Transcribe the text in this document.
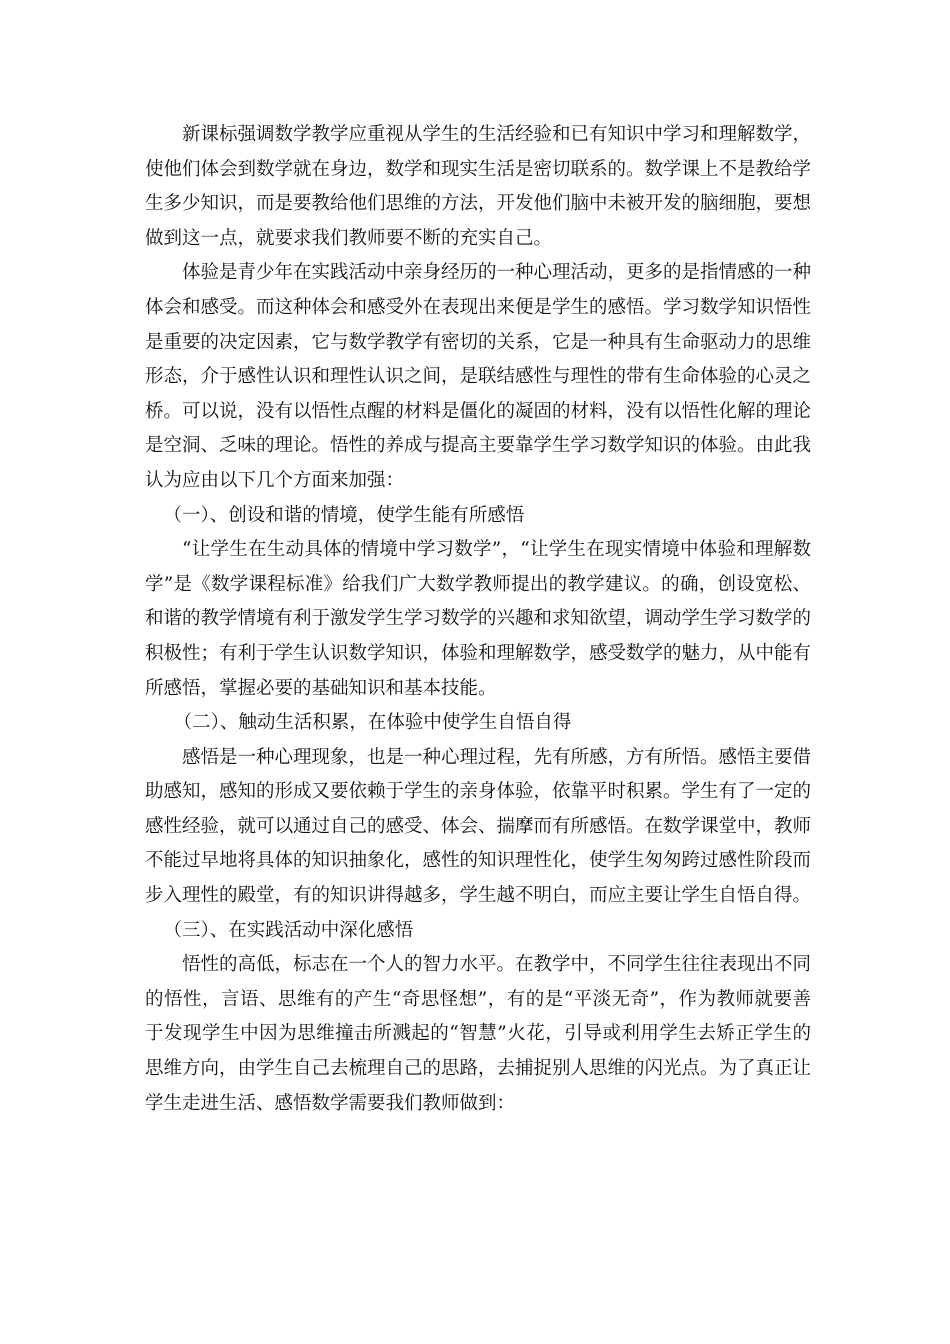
新课标强调数学教学应重视从学生的生活经验和已有知识中学习和理解数学，使他们体会到数学就在身边，数学和现实生活是密切联系的。数学课上不是教给学生多少知识，而是要教给他们思维的方法，开发他们脑中未被开发的脑细胞，要想做到这一点，就要求我们教师要不断的充实自己。

体验是青少年在实践活动中亲身经历的一种心理活动，更多的是指情感的一种体会和感受。而这种体会和感受外在表现出来便是学生的感悟。学习数学知识悟性是重要的决定因素，它与数学教学有密切的关系，它是一种具有生命驱动力的思维形态，介于感性认识和理性认识之间，是联结感性与理性的带有生命体验的心灵之桥。可以说，没有以悟性点醒的材料是僵化的凝固的材料，没有以悟性化解的理论是空洞、乏味的理论。悟性的养成与提高主要靠学生学习数学知识的体验。由此我认为应由以下几个方面来加强：

（一）、创设和谐的情境，使学生能有所感悟

“让学生在生动具体的情境中学习数学”，“让学生在现实情境中体验和理解数学”是《数学课程标准》给我们广大数学教师提出的教学建议。的确，创设宽松、和谐的教学情境有利于激发学生学习数学的兴趣和求知欲望，调动学生学习数学的积极性；有利于学生认识数学知识，体验和理解数学，感受数学的魅力，从中能有所感悟，掌握必要的基础知识和基本技能。

（二）、触动生活积累，在体验中使学生自悟自得

感悟是一种心理现象，也是一种心理过程，先有所感，方有所悟。感悟主要借助感知，感知的形成又要依赖于学生的亲身体验，依靠平时积累。学生有了一定的感性经验，就可以通过自己的感受、体会、揣摩而有所感悟。在数学课堂中，教师不能过早地将具体的知识抽象化，感性的知识理性化，使学生匆匆跨过感性阶段而步入理性的殿堂，有的知识讲得越多，学生越不明白，而应主要让学生自悟自得。

（三）、在实践活动中深化感悟

悟性的高低，标志在一个人的智力水平。在教学中，不同学生往往表现出不同的悟性，言语、思维有的产生“奇思怪想”，有的是“平淡无奇”，作为教师就要善于发现学生中因为思维撞击所溅起的“智慧”火花，引导或利用学生去矫正学生的思维方向，由学生自己去梳理自己的思路，去捕捉别人思维的闪光点。为了真正让学生走进生活、感悟数学需要我们教师做到：
